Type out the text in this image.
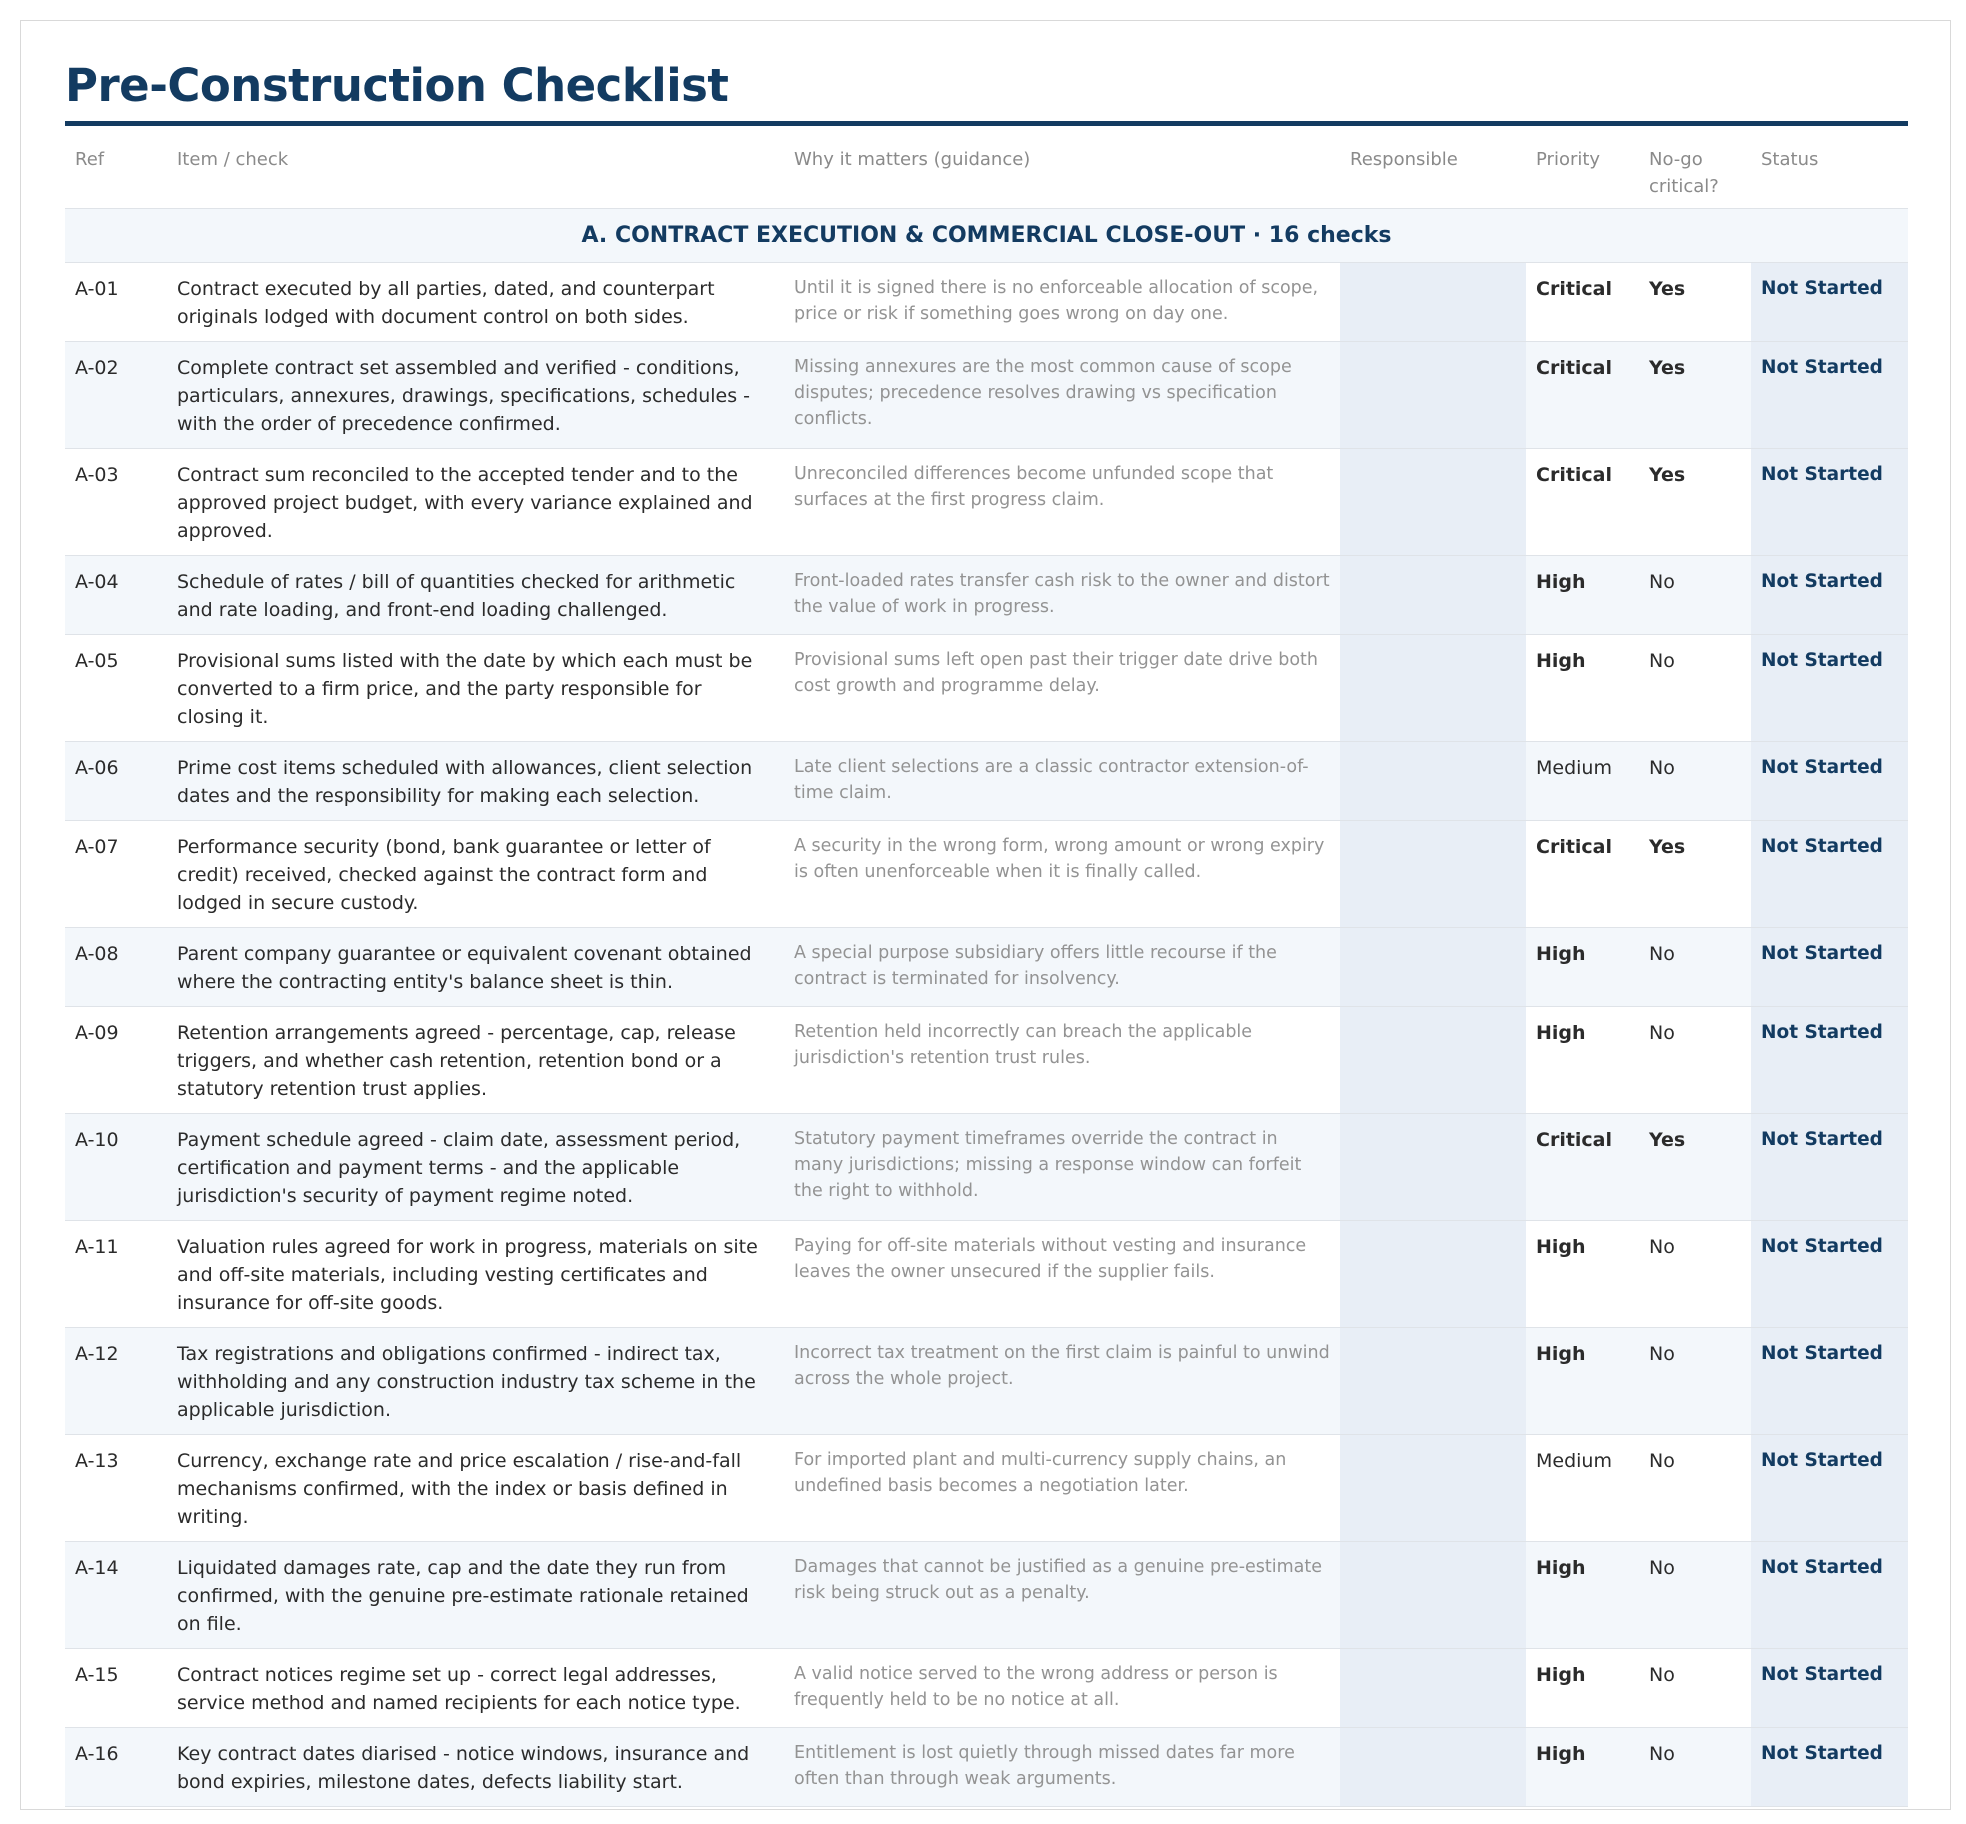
Pre-Construction Checklist
Ref	Item / check	Why it matters (guidance)	Responsible	Priority	No-go critical?	Status
A. CONTRACT EXECUTION & COMMERCIAL CLOSE-OUT · 16 checks						
A-01	Contract executed by all parties, dated, and counterpart originals lodged with document control on both sides.	Until it is signed there is no enforceable allocation of scope, price or risk if something goes wrong on day one.		Critical	Yes	Not Started
A-02	Complete contract set assembled and verified - conditions, particulars, annexures, drawings, specifications, schedules - with the order of precedence confirmed.	Missing annexures are the most common cause of scope disputes; precedence resolves drawing vs specification conflicts.		Critical	Yes	Not Started
A-03	Contract sum reconciled to the accepted tender and to the approved project budget, with every variance explained and approved.	Unreconciled differences become unfunded scope that surfaces at the first progress claim.		Critical	Yes	Not Started
A-04	Schedule of rates / bill of quantities checked for arithmetic and rate loading, and front-end loading challenged.	Front-loaded rates transfer cash risk to the owner and distort the value of work in progress.		High	No	Not Started
A-05	Provisional sums listed with the date by which each must be converted to a firm price, and the party responsible for closing it.	Provisional sums left open past their trigger date drive both cost growth and programme delay.		High	No	Not Started
A-06	Prime cost items scheduled with allowances, client selection dates and the responsibility for making each selection.	Late client selections are a classic contractor extension-of-time claim.		Medium	No	Not Started
A-07	Performance security (bond, bank guarantee or letter of credit) received, checked against the contract form and lodged in secure custody.	A security in the wrong form, wrong amount or wrong expiry is often unenforceable when it is finally called.		Critical	Yes	Not Started
A-08	Parent company guarantee or equivalent covenant obtained where the contracting entity's balance sheet is thin.	A special purpose subsidiary offers little recourse if the contract is terminated for insolvency.		High	No	Not Started
A-09	Retention arrangements agreed - percentage, cap, release triggers, and whether cash retention, retention bond or a statutory retention trust applies.	Retention held incorrectly can breach the applicable jurisdiction's retention trust rules.		High	No	Not Started
A-10	Payment schedule agreed - claim date, assessment period, certification and payment terms - and the applicable jurisdiction's security of payment regime noted.	Statutory payment timeframes override the contract in many jurisdictions; missing a response window can forfeit the right to withhold.		Critical	Yes	Not Started
A-11	Valuation rules agreed for work in progress, materials on site and off-site materials, including vesting certificates and insurance for off-site goods.	Paying for off-site materials without vesting and insurance leaves the owner unsecured if the supplier fails.		High	No	Not Started
A-12	Tax registrations and obligations confirmed - indirect tax, withholding and any construction industry tax scheme in the applicable jurisdiction.	Incorrect tax treatment on the first claim is painful to unwind across the whole project.		High	No	Not Started
A-13	Currency, exchange rate and price escalation / rise-and-fall mechanisms confirmed, with the index or basis defined in writing.	For imported plant and multi-currency supply chains, an undefined basis becomes a negotiation later.		Medium	No	Not Started
A-14	Liquidated damages rate, cap and the date they run from confirmed, with the genuine pre-estimate rationale retained on file.	Damages that cannot be justified as a genuine pre-estimate risk being struck out as a penalty.		High	No	Not Started
A-15	Contract notices regime set up - correct legal addresses, service method and named recipients for each notice type.	A valid notice served to the wrong address or person is frequently held to be no notice at all.		High	No	Not Started
A-16	Key contract dates diarised - notice windows, insurance and bond expiries, milestone dates, defects liability start.	Entitlement is lost quietly through missed dates far more often than through weak arguments.		High	No	Not Started
